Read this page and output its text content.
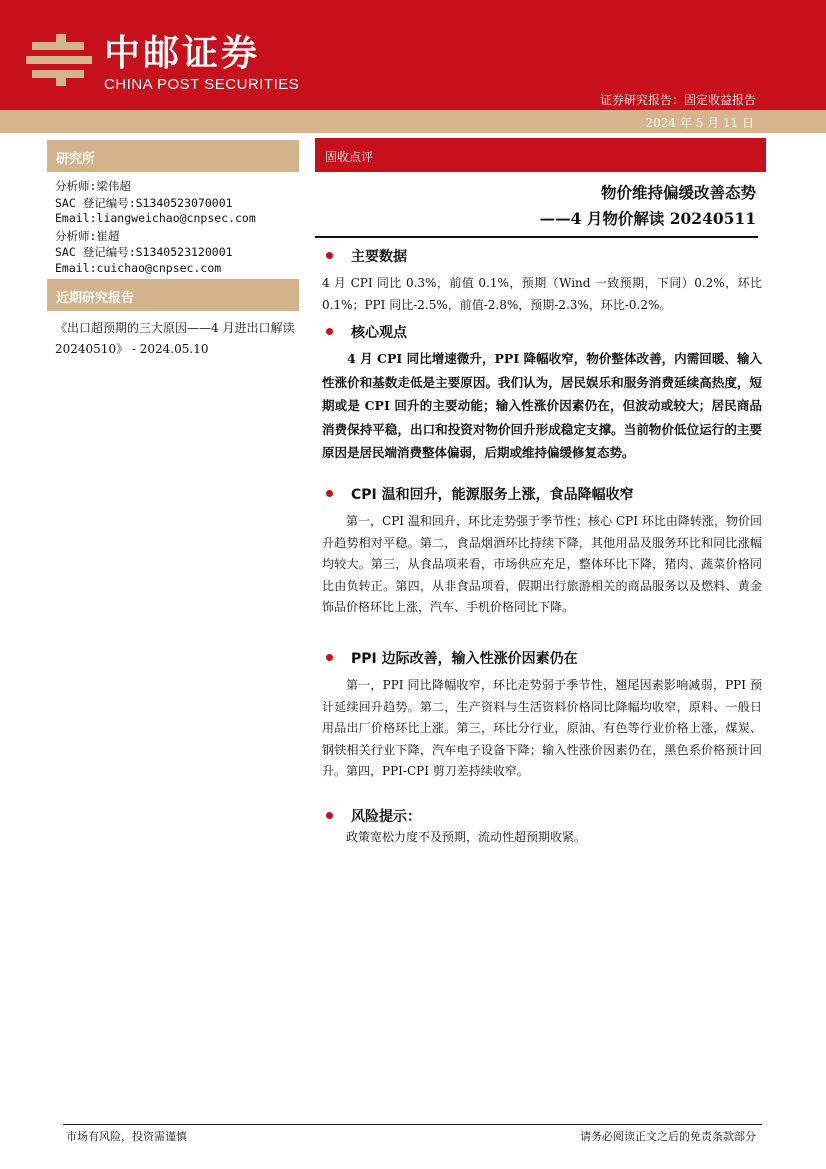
中邮证券
CHINA POST SECURITIES
证券研究报告：固定收益报告
2024 年 5 月 11 日
研究所
分析师:梁伟超
SAC 登记编号:S1340523070001
Email:liangweichao@cnpsec.com
分析师:崔超
SAC 登记编号:S1340523120001
Email:cuichao@cnpsec.com
近期研究报告
《出口超预期的三大原因——4 月进出口解读 20240510》 - 2024.05.10
固收点评
物价维持偏缓改善态势
——4 月物价解读 20240511
主要数据
4 月 CPI 同比 0.3%，前值 0.1%，预期（Wind 一致预期，下同）0.2%，环比 0.1%；PPI 同比-2.5%，前值-2.8%，预期-2.3%，环比-0.2%。
核心观点
4 月 CPI 同比增速微升，PPI 降幅收窄，物价整体改善，内需回暖、输入性涨价和基数走低是主要原因。我们认为，居民娱乐和服务消费延续高热度，短期或是 CPI 回升的主要动能；输入性涨价因素仍在，但波动或较大；居民商品消费保持平稳，出口和投资对物价回升形成稳定支撑。当前物价低位运行的主要原因是居民端消费整体偏弱，后期或维持偏缓修复态势。
CPI 温和回升，能源服务上涨，食品降幅收窄
第一，CPI 温和回升，环比走势强于季节性；核心 CPI 环比由降转涨，物价回升趋势相对平稳。第二，食品烟酒环比持续下降，其他用品及服务环比和同比涨幅均较大。第三，从食品项来看，市场供应充足，整体环比下降，猪肉、蔬菜价格同比由负转正。第四，从非食品项看，假期出行旅游相关的商品服务以及燃料、黄金饰品价格环比上涨，汽车、手机价格同比下降。
PPI 边际改善，输入性涨价因素仍在
第一，PPI 同比降幅收窄，环比走势弱于季节性，翘尾因素影响减弱，PPI 预计延续回升趋势。第二，生产资料与生活资料价格同比降幅均收窄，原料、一般日用品出厂价格环比上涨。第三，环比分行业，原油、有色等行业价格上涨，煤炭、钢铁相关行业下降，汽车电子设备下降；输入性涨价因素仍在，黑色系价格预计回升。第四，PPI-CPI 剪刀差持续收窄。
风险提示：
政策宽松力度不及预期，流动性超预期收紧。
市场有风险，投资需谨慎	请务必阅读正文之后的免责条款部分
